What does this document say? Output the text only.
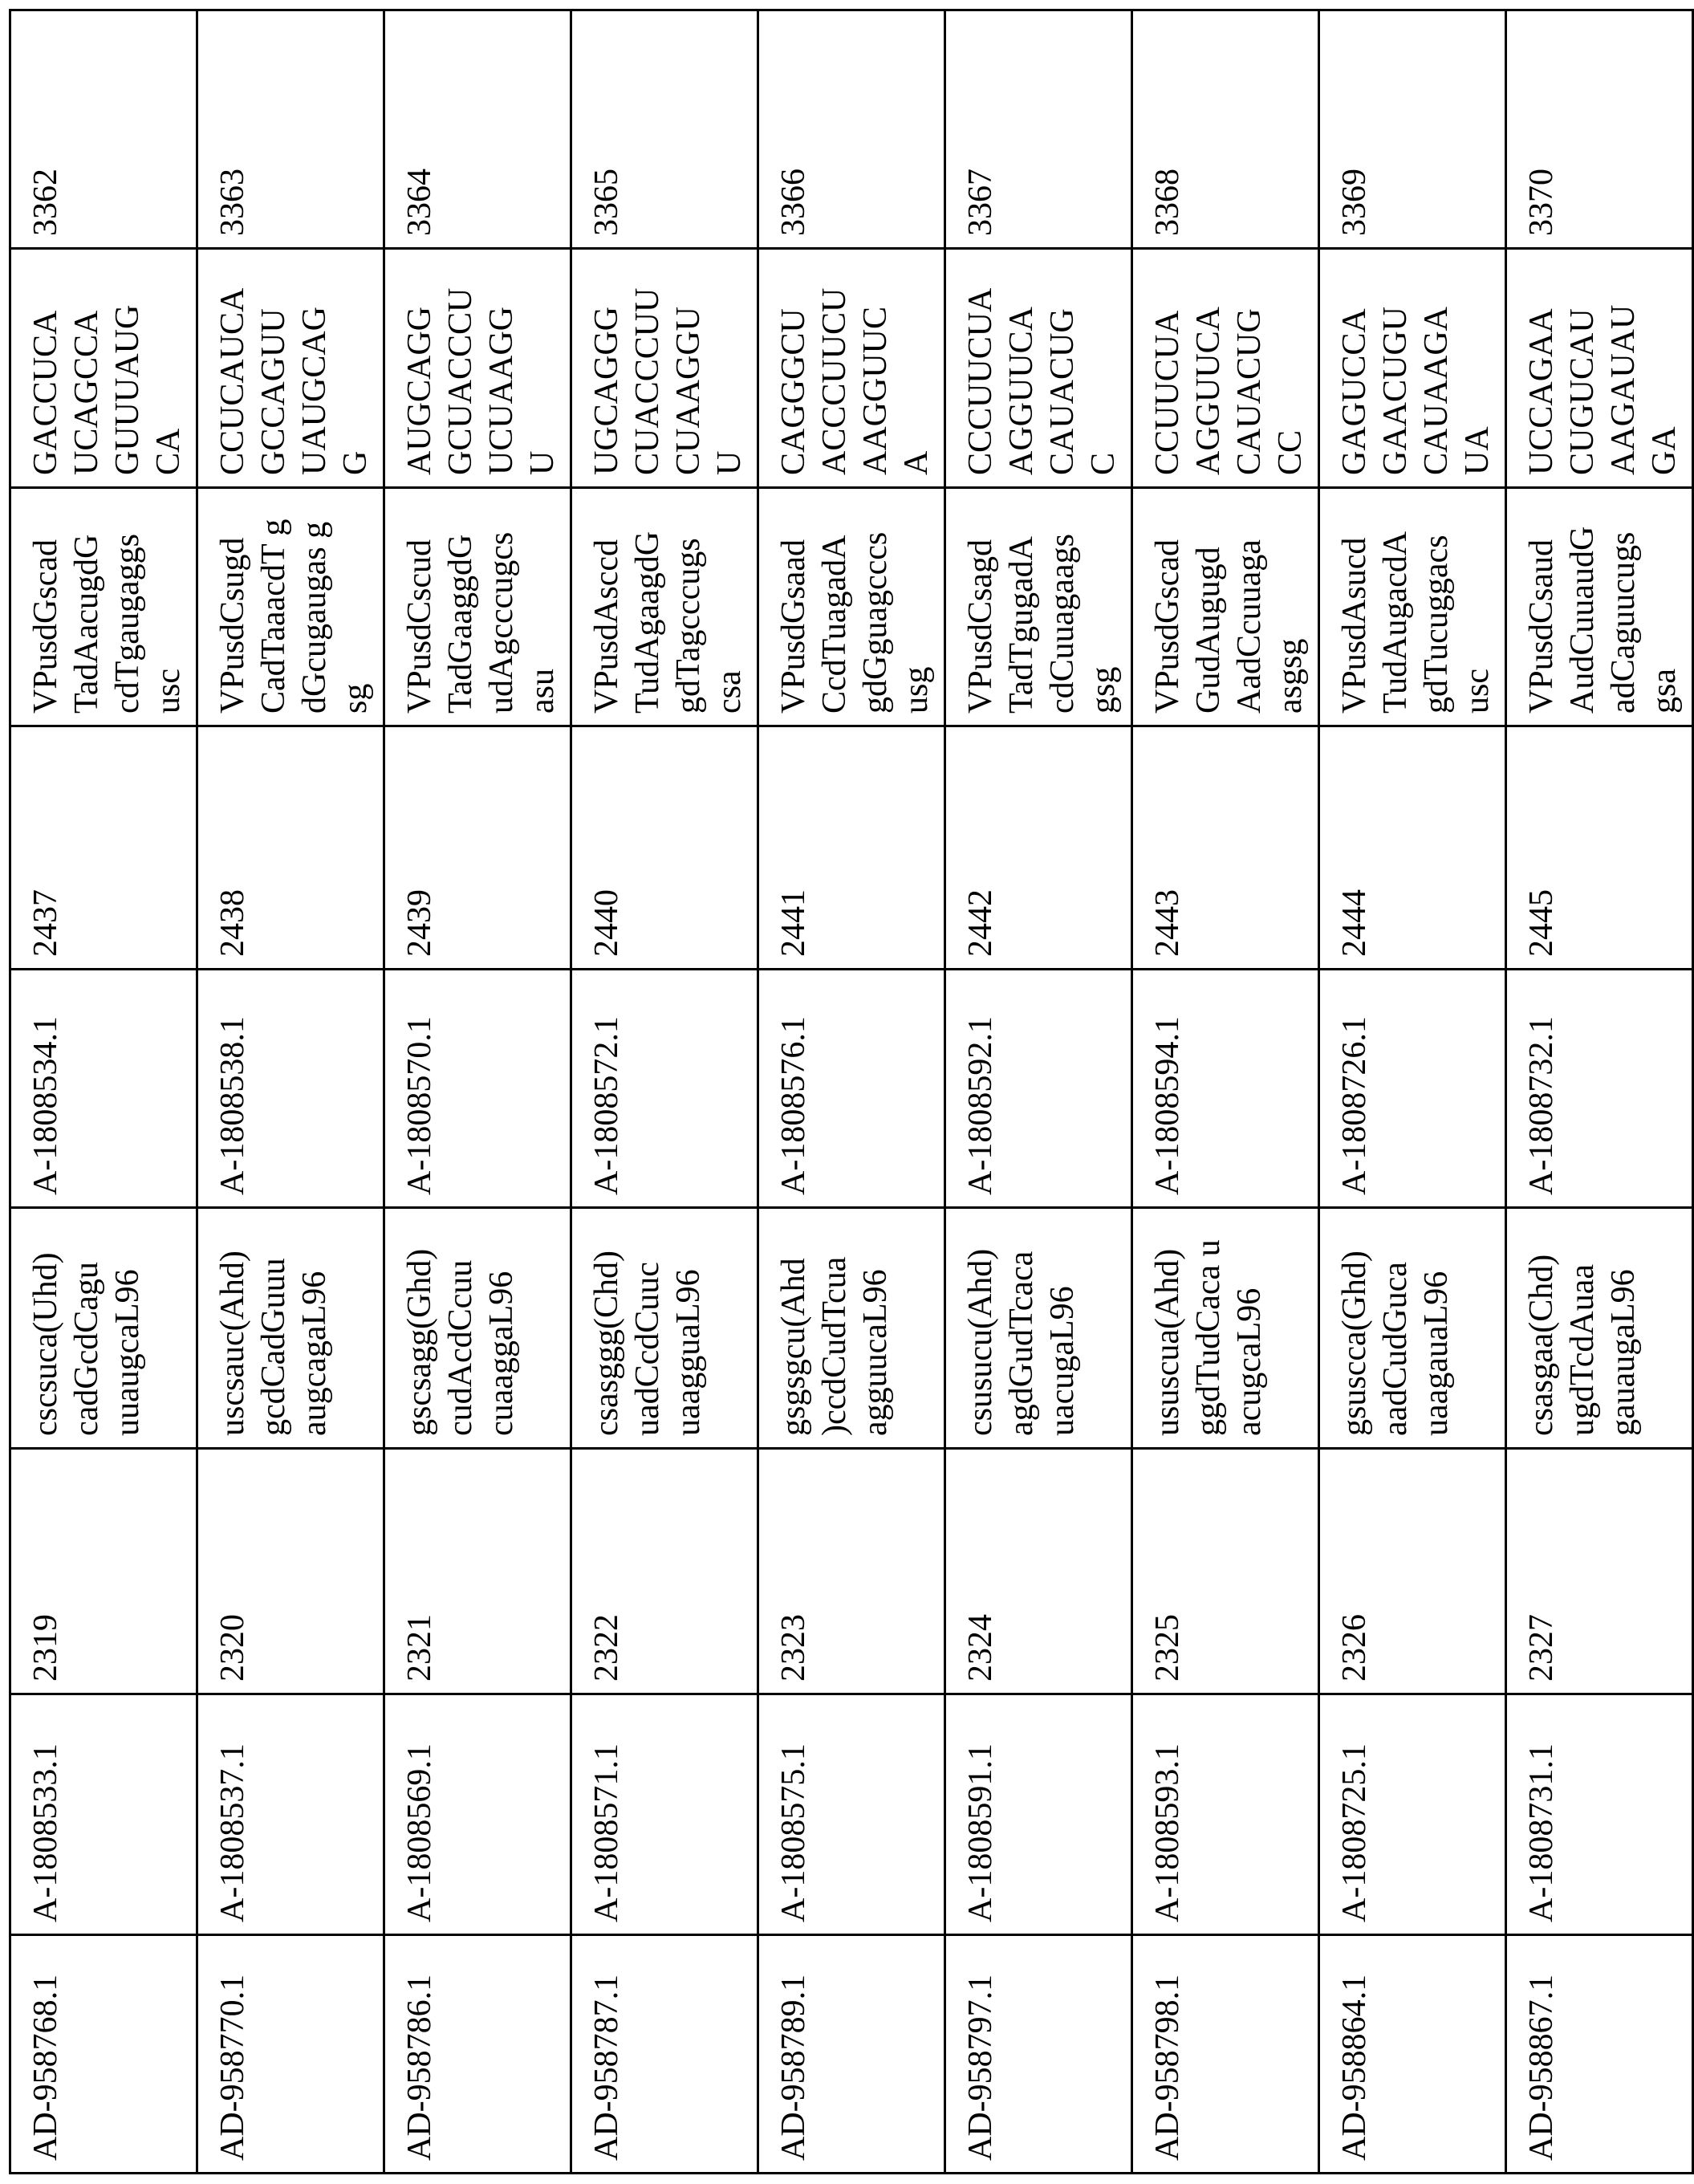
AD-958768.1	A-1808533.1	2319	cscsuca(Uhd) cadGcdCagu uuaugcaL96	A-1808534.1	2437	VPusdGscad TadAacugdG cdTgaugaggs usc	GACCUCA UCAGCCA GUUUAUG CA	3362

AD-958770.1	A-1808537.1	2320	uscsauc(Ahd) gcdCadGuuu augcagaL96	A-1808538.1	2438	VPusdCsugd CadTaaacdT gdGcugaugas gsg	CCUCAUCA GCCAGUU UAUGCAG G	3363

AD-958786.1	A-1808569.1	2321	gscsagg(Ghd) cudAcdCcuu cuaaggaL96	A-1808570.1	2439	VPusdCscud TadGaaggdG udAgcccugcs asu	AUGCAGG GCUACCCU UCUAAGG U	3364

AD-958787.1	A-1808571.1	2322	csasggg(Chd) uadCcdCuuc uaagguaL96	A-1808572.1	2440	VPusdAsccd TudAgaagdG gdTagcccugs csa	UGCAGGG CUACCCUU CUAAGGU U	3365

AD-958789.1	A-1808575.1	2323	gsgsgcu(Ahd )ccdCudTcua agguucaL96	A-1808576.1	2441	VPusdGsaad CcdTuagadA gdGguagcccs usg	CAGGGCU ACCCUUCU AAGGUUC A	3366

AD-958797.1	A-1808591.1	2324	csusucu(Ahd) agdGudTcaca uacugaL96	A-1808592.1	2442	VPusdCsagd TadTgugadA cdCuuagaags gsg	CCCUUCUA AGGUUCA CAUACUG C	3367

AD-958798.1	A-1808593.1	2325	ususcua(Ahd) ggdTudCaca uacugcaL96	A-1808594.1	2443	VPusdGscad GudAugugd AadCcuuaga asgsg	CCUUCUA AGGUUCA CAUACUG CC	3368

AD-958864.1	A-1808725.1	2326	gsuscca(Ghd) aadCudGuca uaagauaL96	A-1808726.1	2444	VPusdAsucd TudAugacdA gdTucuggacs usc	GAGUCCA GAACUGU CAUAAGA UA	3369

AD-958867.1	A-1808731.1	2327	csasgaa(Chd) ugdTcdAuaa gauaugaL96	A-1808732.1	2445	VPusdCsaud AudCuuaudG adCaguucugs gsa	UCCAGAA CUGUCAU AAGAUAU GA	3370
